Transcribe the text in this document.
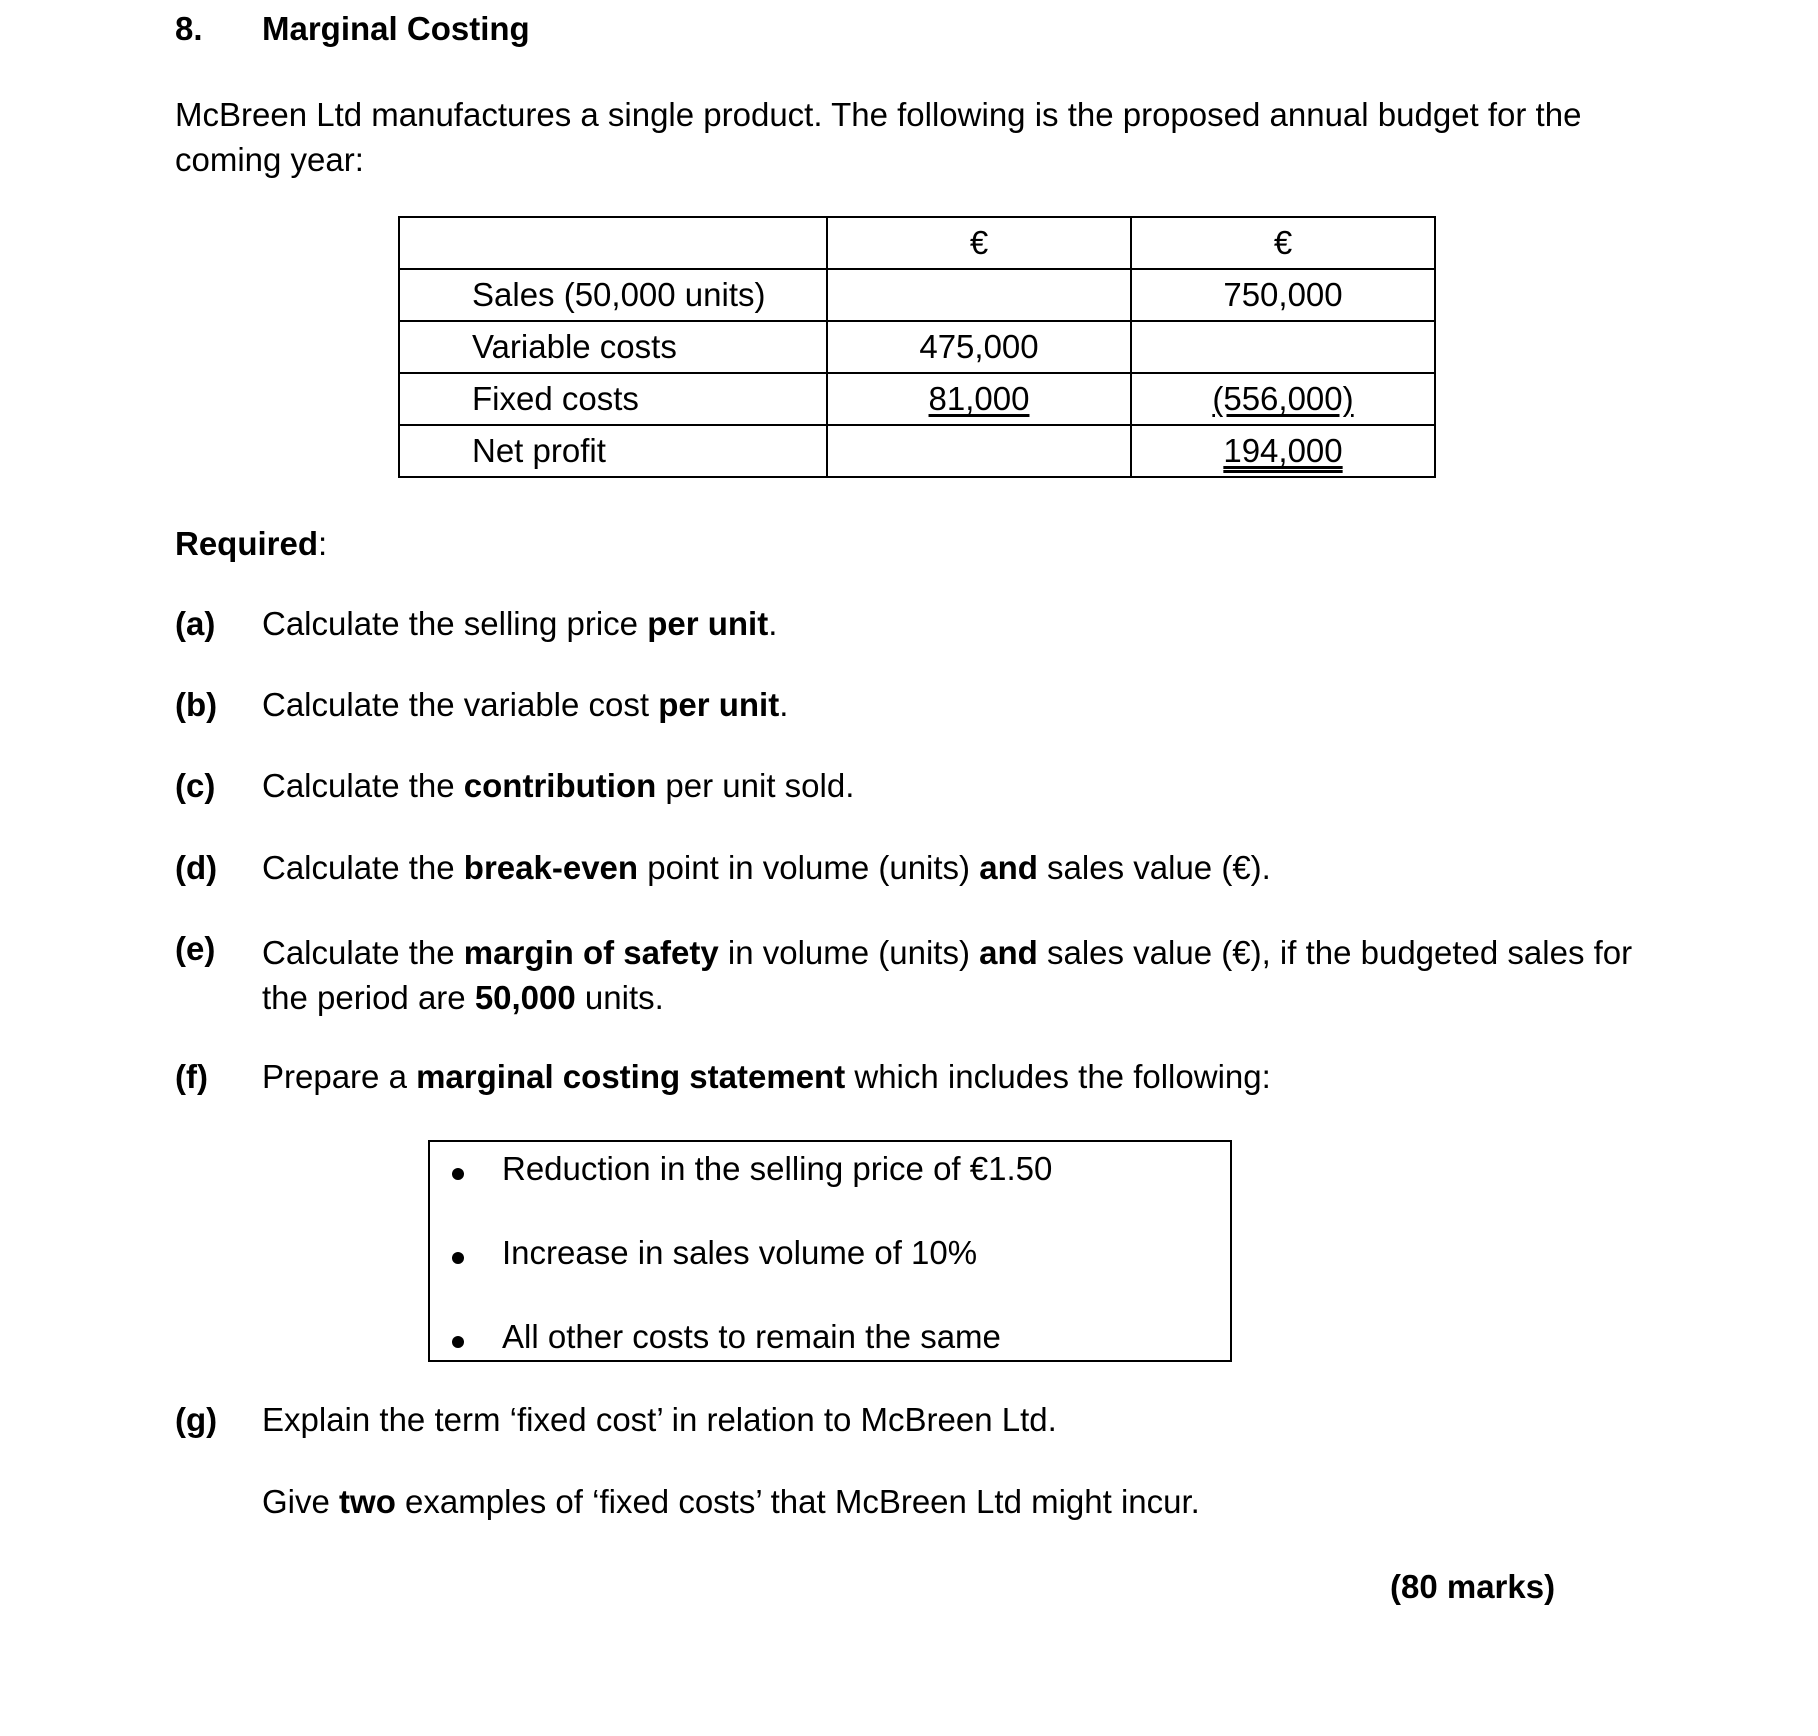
8. Marginal Costing
McBreen Ltd manufactures a single product. The following is the proposed annual budget for the coming year:
	€	€
Sales (50,000 units)		750,000
Variable costs	475,000	
Fixed costs	81,000	(556,000)
Net profit		194,000
Required:
(a) Calculate the selling price per unit.
(b) Calculate the variable cost per unit.
(c) Calculate the contribution per unit sold.
(d) Calculate the break-even point in volume (units) and sales value (€).
(e) Calculate the margin of safety in volume (units) and sales value (€), if the budgeted sales for the period are 50,000 units.
(f) Prepare a marginal costing statement which includes the following:
Reduction in the selling price of €1.50
Increase in sales volume of 10%
All other costs to remain the same
(g) Explain the term ‘fixed cost’ in relation to McBreen Ltd.
Give two examples of ‘fixed costs’ that McBreen Ltd might incur.
(80 marks)
